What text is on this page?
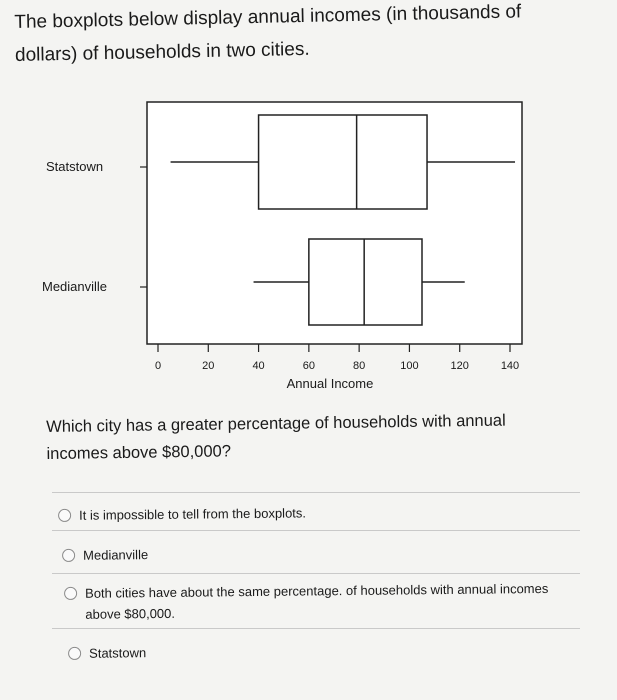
The boxplots below display annual incomes (in thousands of dollars) of households in two cities.

Statstown
Medianville
0	20	40	60	80	100	120	140
Annual Income

Which city has a greater percentage of households with annual incomes above $80,000?

It is impossible to tell from the boxplots.
Medianville
Both cities have about the same percentage. of households with annual incomes above $80,000.
Statstown
